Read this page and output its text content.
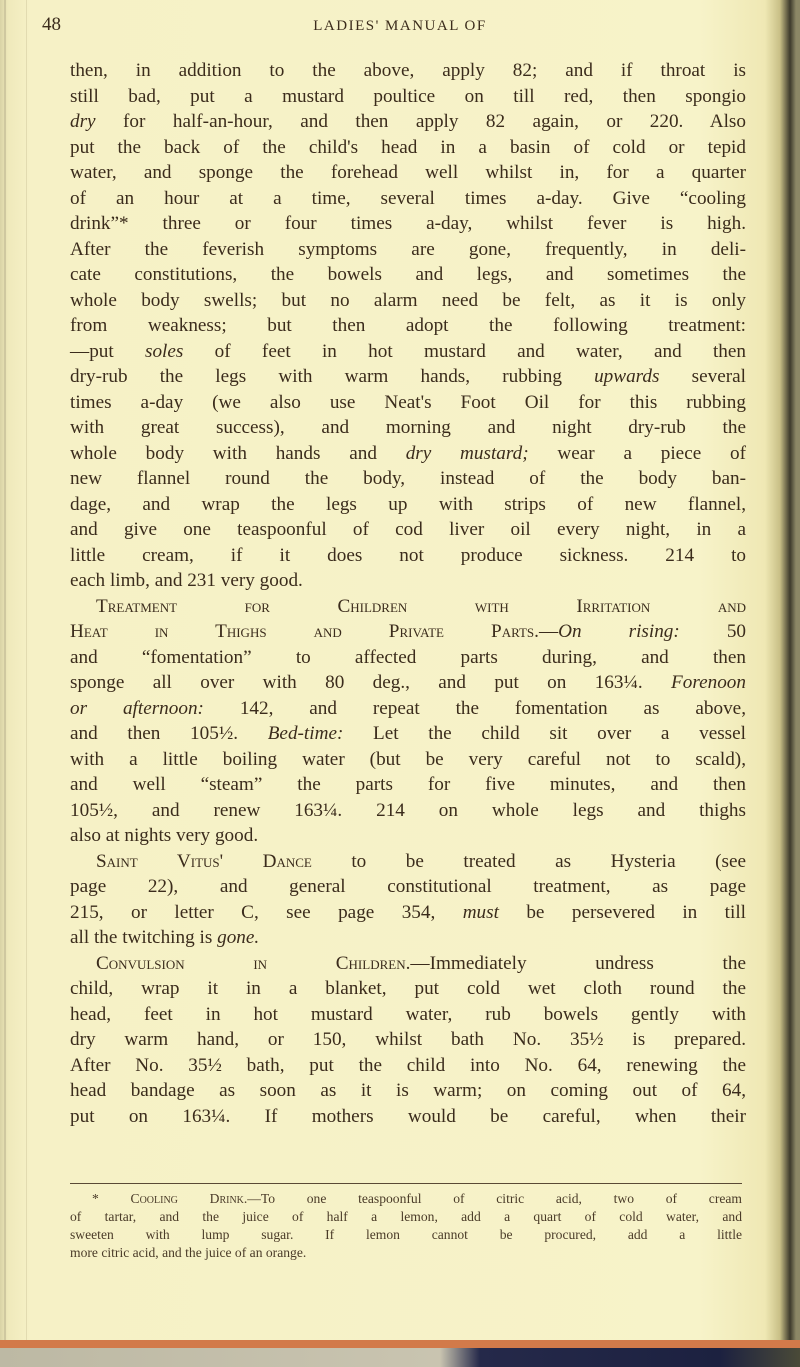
48	LADIES' MANUAL OF
then, in addition to the above, apply 82; and if throat is
still bad, put a mustard poultice on till red, then spongio
dry for half-an-hour, and then apply 82 again, or 220. Also
put the back of the child's head in a basin of cold or tepid
water, and sponge the forehead well whilst in, for a quarter
of an hour at a time, several times a-day. Give “cooling
drink”* three or four times a-day, whilst fever is high.
After the feverish symptoms are gone, frequently, in deli-
cate constitutions, the bowels and legs, and sometimes the
whole body swells; but no alarm need be felt, as it is only
from weakness; but then adopt the following treatment:
—put soles of feet in hot mustard and water, and then
dry-rub the legs with warm hands, rubbing upwards several
times a-day (we also use Neat's Foot Oil for this rubbing
with great success), and morning and night dry-rub the
whole body with hands and dry mustard; wear a piece of
new flannel round the body, instead of the body ban-
dage, and wrap the legs up with strips of new flannel,
and give one teaspoonful of cod liver oil every night, in a
little cream, if it does not produce sickness. 214 to
each limb, and 231 very good.
Treatment for Children with Irritation and
Heat in Thighs and Private Parts.—On rising: 50
and “fomentation” to affected parts during, and then
sponge all over with 80 deg., and put on 163¼. Forenoon
or afternoon: 142, and repeat the fomentation as above,
and then 105½. Bed-time: Let the child sit over a vessel
with a little boiling water (but be very careful not to scald),
and well “steam” the parts for five minutes, and then
105½, and renew 163¼. 214 on whole legs and thighs
also at nights very good.
Saint Vitus' Dance to be treated as Hysteria (see
page 22), and general constitutional treatment, as page
215, or letter C, see page 354, must be persevered in till
all the twitching is gone.
Convulsion in Children.—Immediately undress the
child, wrap it in a blanket, put cold wet cloth round the
head, feet in hot mustard water, rub bowels gently with
dry warm hand, or 150, whilst bath No. 35½ is prepared.
After No. 35½ bath, put the child into No. 64, renewing the
head bandage as soon as it is warm; on coming out of 64,
put on 163¼. If mothers would be careful, when their
* Cooling Drink.—To one teaspoonful of citric acid, two of cream
of tartar, and the juice of half a lemon, add a quart of cold water, and
sweeten with lump sugar. If lemon cannot be procured, add a little
more citric acid, and the juice of an orange.
